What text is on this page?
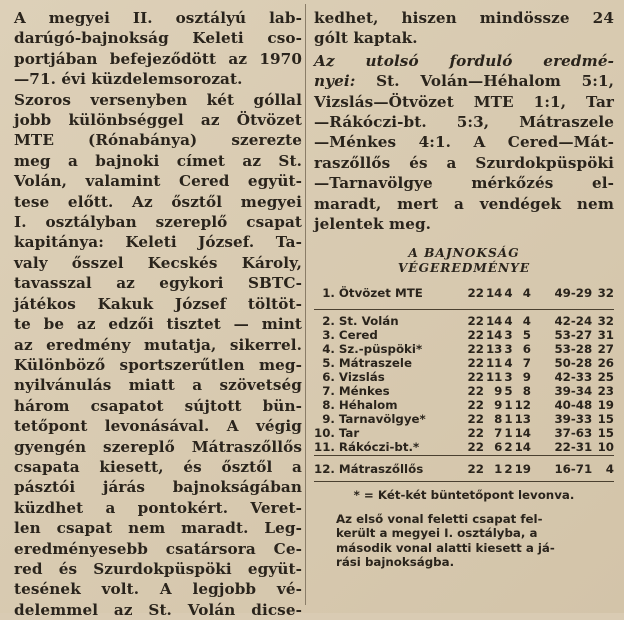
A megyei II. osztályú lab-
darúgó-bajnokság Keleti cso-
portjában befejeződött az 1970
—71. évi küzdelemsorozat.
Szoros versenyben két góllal
jobb különbséggel az Ötvözet
MTE (Rónabánya) szerezte
meg a bajnoki címet az St.
Volán, valamint Cered együt-
tese előtt. Az ősztől megyei
I. osztályban szereplő csapat
kapitánya: Keleti József. Ta-
valy ősszel Kecskés Károly,
tavasszal az egykori SBTC-
játékos Kakuk József töltöt-
te be az edzői tisztet — mint
az eredmény mutatja, sikerrel.
Különböző sportszerűtlen meg-
nyilvánulás miatt a szövetség
három csapatot sújtott bün-
tetőpont levonásával. A végig
gyengén szereplő Mátraszőllős
csapata kiesett, és ősztől a
pásztói járás bajnokságában
küzdhet a pontokért. Veret-
len csapat nem maradt. Leg-
eredményesebb csatársora Ce-
red és Szurdokpüspöki együt-
tesének volt. A legjobb vé-
delemmel az St. Volán dicse-
kedhet, hiszen mindössze 24
gólt kaptak.
Az utolsó forduló eredmé-
nyei: St. Volán—Héhalom 5:1,
Vizslás—Ötvözet MTE 1:1, Tar
—Rákóczi-bt. 5:3, Mátraszele
—Ménkes 4:1. A Cered—Mát-
raszőllős és a Szurdokpüspöki
—Tarnavölgye mérkőzés el-
maradt, mert a vendégek nem
jelentek meg.
A BAJNOKSÁG
VÉGEREDMÉNYE
1.	Ötvözet MTE	22	14	4	4	49-29	32

2.	St. Volán	22	14	4	4	42-24	32
3.	Cered	22	14	3	5	53-27	31
4.	Sz.-püspöki*	22	13	3	6	53-28	27
5.	Mátraszele	22	11	4	7	50-28	26
6.	Vizslás	22	11	3	9	42-33	25
7.	Ménkes	22	9	5	8	39-34	23
8.	Héhalom	22	9	1	12	40-48	19
9.	Tarnavölgye*	22	8	1	13	39-33	15
10.	Tar	22	7	1	14	37-63	15
11.	Rákóczi-bt.*	22	6	2	14	22-31	10
12.	Mátraszőllős	22	1	2	19	16-71	4

* = Két-két büntetőpont levonva.
Az első vonal feletti csapat fel-
került a megyei I. osztályba, a
második vonal alatti kiesett a já-
rási bajnokságba.
